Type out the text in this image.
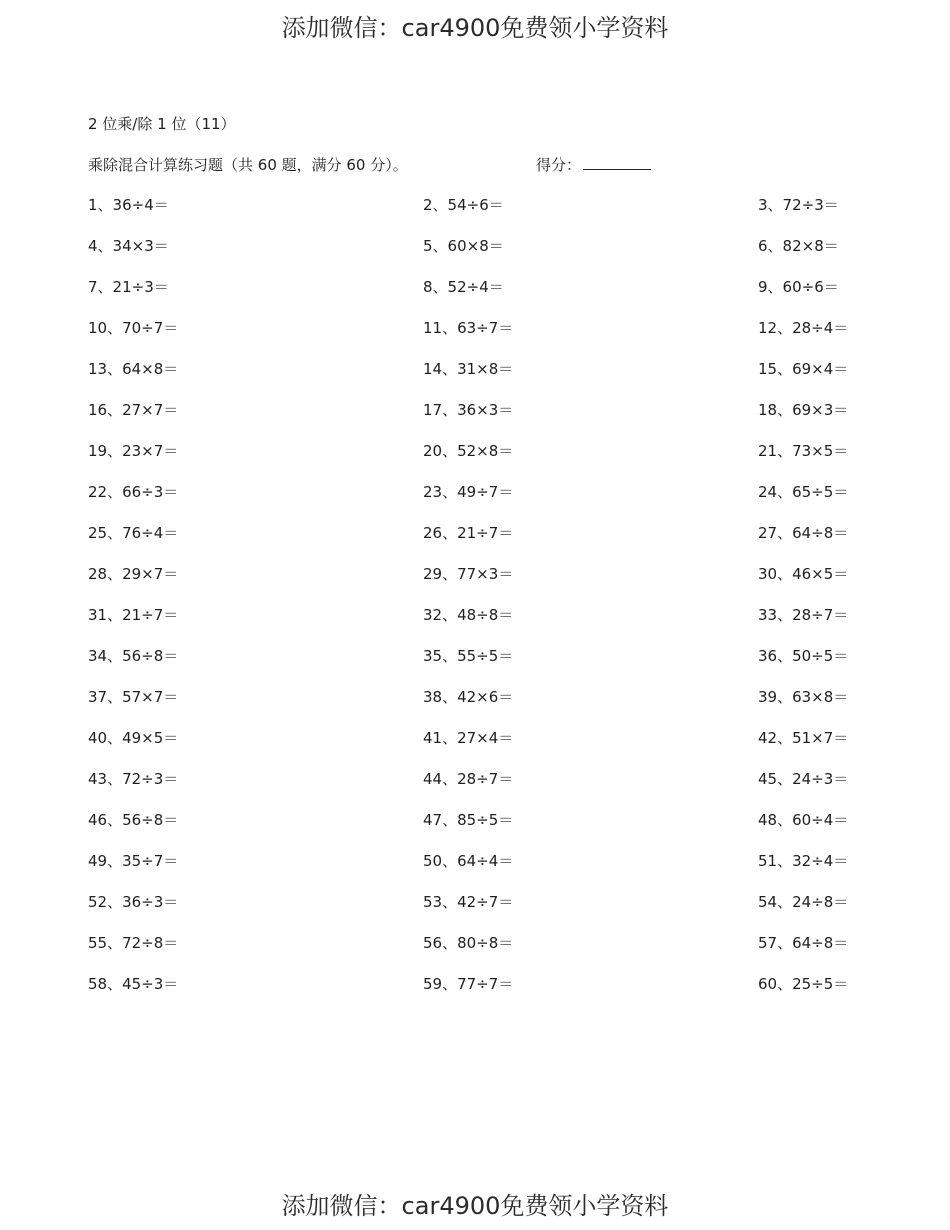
添加微信：car4900免费领小学资料
2 位乘/除 1 位（11）
乘除混合计算练习题（共 60 题，满分 60 分）。	得分：
1、36÷4＝	2、54÷6＝	3、72÷3＝
4、34×3＝	5、60×8＝	6、82×8＝
7、21÷3＝	8、52÷4＝	9、60÷6＝
10、70÷7＝	11、63÷7＝	12、28÷4＝
13、64×8＝	14、31×8＝	15、69×4＝
16、27×7＝	17、36×3＝	18、69×3＝
19、23×7＝	20、52×8＝	21、73×5＝
22、66÷3＝	23、49÷7＝	24、65÷5＝
25、76÷4＝	26、21÷7＝	27、64÷8＝
28、29×7＝	29、77×3＝	30、46×5＝
31、21÷7＝	32、48÷8＝	33、28÷7＝
34、56÷8＝	35、55÷5＝	36、50÷5＝
37、57×7＝	38、42×6＝	39、63×8＝
40、49×5＝	41、27×4＝	42、51×7＝
43、72÷3＝	44、28÷7＝	45、24÷3＝
46、56÷8＝	47、85÷5＝	48、60÷4＝
49、35÷7＝	50、64÷4＝	51、32÷4＝
52、36÷3＝	53、42÷7＝	54、24÷8＝
55、72÷8＝	56、80÷8＝	57、64÷8＝
58、45÷3＝	59、77÷7＝	60、25÷5＝
添加微信：car4900免费领小学资料
